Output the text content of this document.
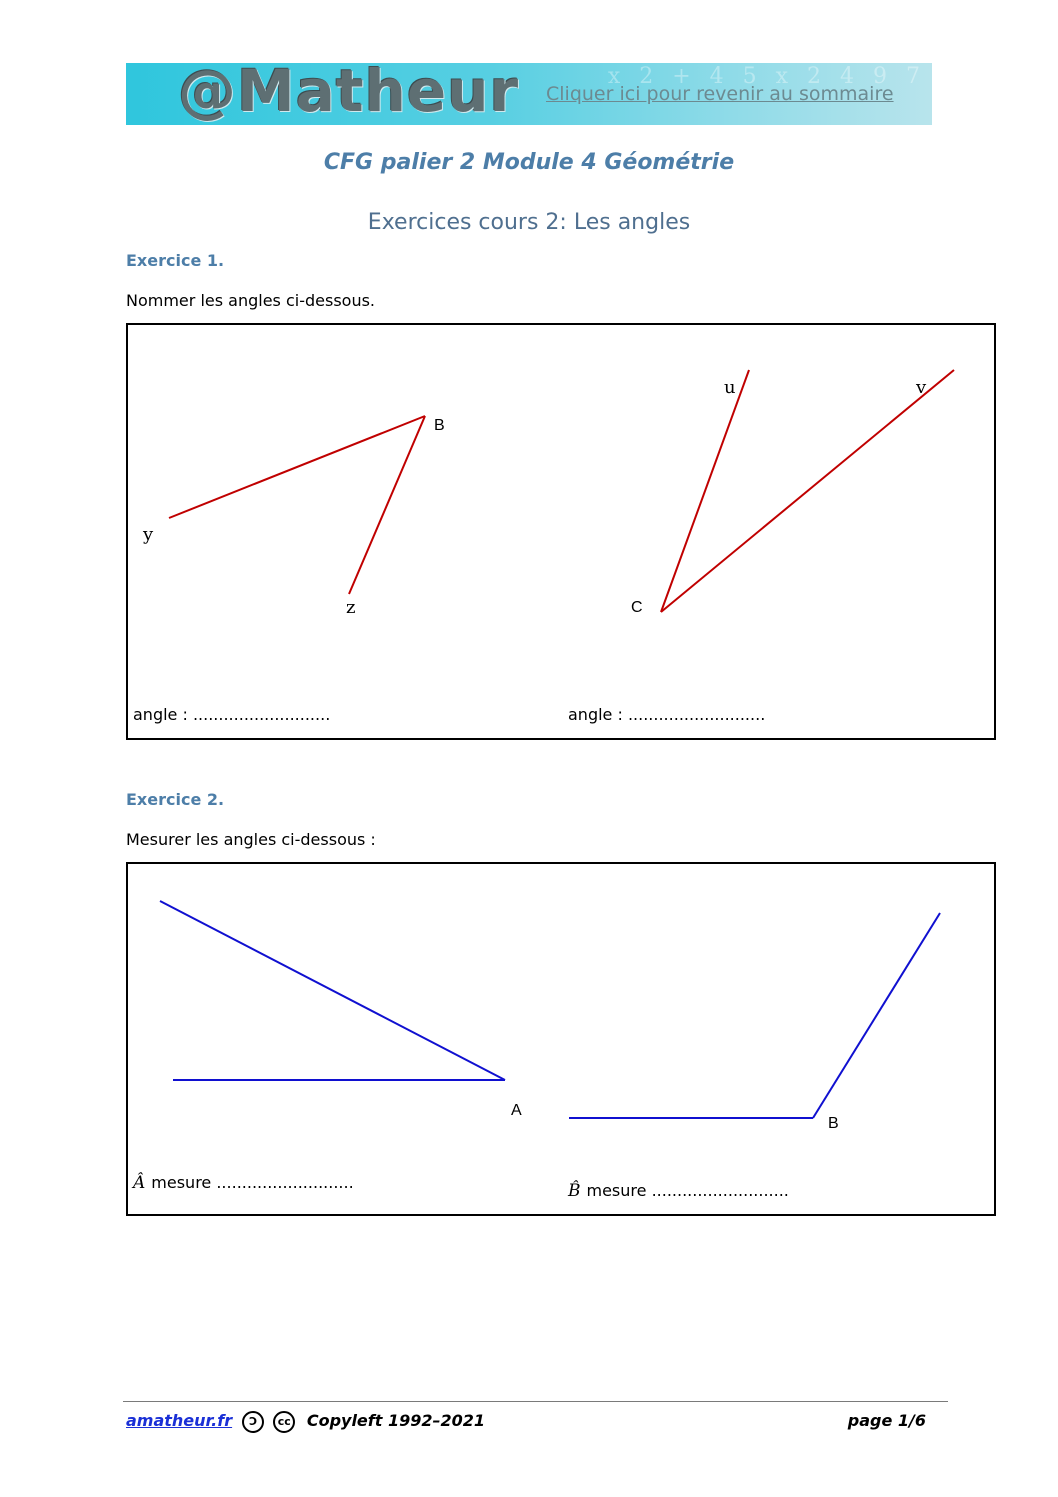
x 2 + 4 5 x 2 4 9 7
@Matheur Cliquer ici pour revenir au sommaire
CFG palier 2 Module 4 Géométrie
Exercices cours 2: Les angles
Exercice 1.
Nommer les angles ci-dessous.
B
y
z	C
u	v
angle : ...........................	angle : ...........................
Exercice 2.
Mesurer les angles ci-dessous :
A
B
Â mesure ...........................	B̂ mesure ...........................
amatheur.fr C cc Copyleft 1992–2021	page 1/6
